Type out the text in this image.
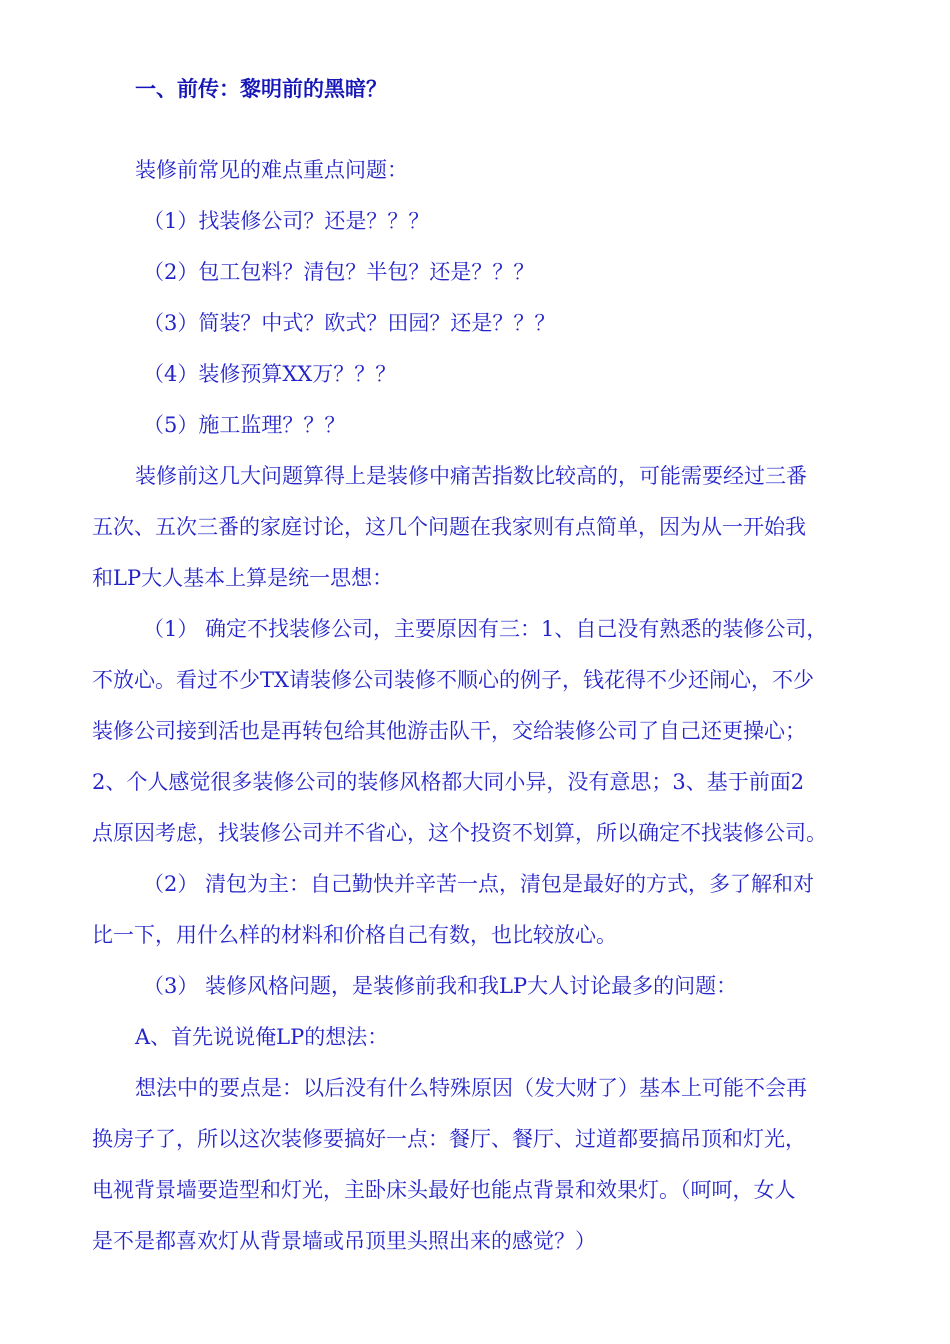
一、前传：黎明前的黑暗？
装修前常见的难点重点问题：
（1）找装修公司？还是？？？
（2）包工包料？清包？半包？还是？？？
（3）简装？中式？欧式？田园？还是？？？
（4）装修预算XX万？？？
（5）施工监理？？？
装修前这几大问题算得上是装修中痛苦指数比较高的，可能需要经过三番
五次、五次三番的家庭讨论，这几个问题在我家则有点简单，因为从一开始我
和LP大人基本上算是统一思想：
（1） 确定不找装修公司，主要原因有三：1、自己没有熟悉的装修公司，
不放心。看过不少TX请装修公司装修不顺心的例子，钱花得不少还闹心，不少
装修公司接到活也是再转包给其他游击队干，交给装修公司了自己还更操心；
2、个人感觉很多装修公司的装修风格都大同小异，没有意思；3、基于前面2
点原因考虑，找装修公司并不省心，这个投资不划算，所以确定不找装修公司。
（2） 清包为主：自己勤快并辛苦一点，清包是最好的方式，多了解和对
比一下，用什么样的材料和价格自己有数，也比较放心。
（3） 装修风格问题，是装修前我和我LP大人讨论最多的问题：
A、首先说说俺LP的想法：
想法中的要点是：以后没有什么特殊原因（发大财了）基本上可能不会再
换房子了，所以这次装修要搞好一点：餐厅、餐厅、过道都要搞吊顶和灯光，
电视背景墙要造型和灯光，主卧床头最好也能点背景和效果灯。（呵呵，女人
是不是都喜欢灯从背景墙或吊顶里头照出来的感觉？）
